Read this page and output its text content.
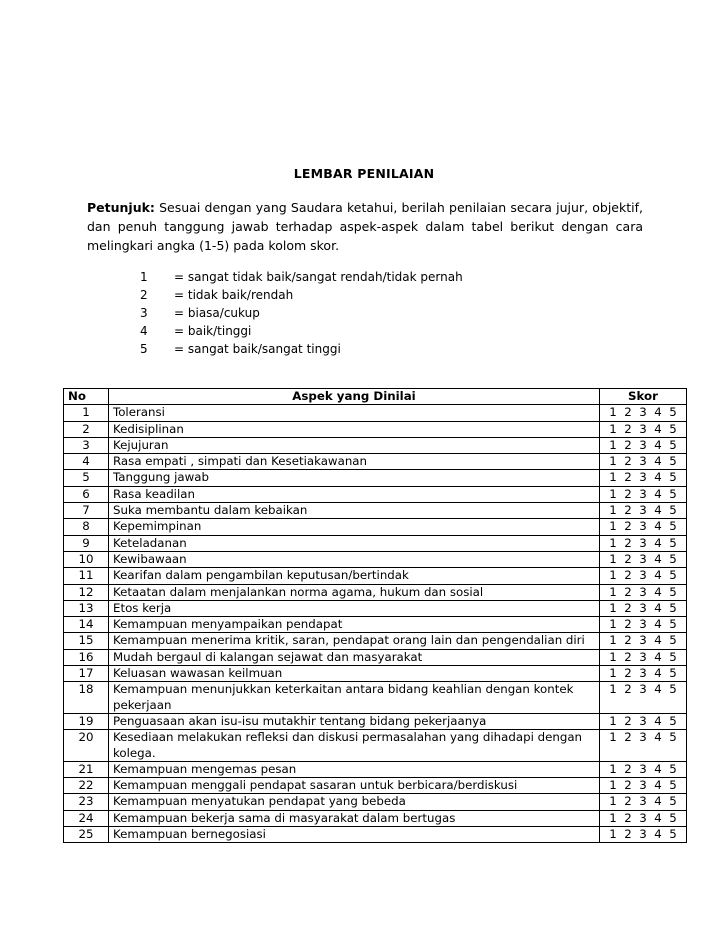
LEMBAR PENILAIAN
Petunjuk: Sesuai dengan yang Saudara ketahui, berilah penilaian secara jujur, objektif, dan penuh tanggung jawab terhadap aspek-aspek dalam tabel berikut dengan cara melingkari angka (1-5) pada kolom skor.
1 = sangat tidak baik/sangat rendah/tidak pernah
2 = tidak baik/rendah
3 = biasa/cukup
4 = baik/tinggi
5 = sangat baik/sangat tinggi
No	Aspek yang Dinilai	Skor
1	Toleransi	1 2 3 4 5
2	Kedisiplinan	1 2 3 4 5
3	Kejujuran	1 2 3 4 5
4	Rasa empati , simpati dan Kesetiakawanan	1 2 3 4 5
5	Tanggung jawab	1 2 3 4 5
6	Rasa keadilan	1 2 3 4 5
7	Suka membantu dalam kebaikan	1 2 3 4 5
8	Kepemimpinan	1 2 3 4 5
9	Keteladanan	1 2 3 4 5
10	Kewibawaan	1 2 3 4 5
11	Kearifan dalam pengambilan keputusan/bertindak	1 2 3 4 5
12	Ketaatan dalam menjalankan norma agama, hukum dan sosial	1 2 3 4 5
13	Etos kerja	1 2 3 4 5
14	Kemampuan menyampaikan pendapat	1 2 3 4 5
15	Kemampuan menerima kritik, saran, pendapat orang lain dan pengendalian diri	1 2 3 4 5
16	Mudah bergaul di kalangan sejawat dan masyarakat	1 2 3 4 5
17	Keluasan wawasan keilmuan	1 2 3 4 5
18	Kemampuan menunjukkan keterkaitan antara bidang keahlian dengan kontek pekerjaan	1 2 3 4 5
19	Penguasaan akan isu-isu mutakhir tentang bidang pekerjaanya	1 2 3 4 5
20	Kesediaan melakukan refleksi dan diskusi permasalahan yang dihadapi dengan kolega.	1 2 3 4 5
21	Kemampuan mengemas pesan	1 2 3 4 5
22	Kemampuan menggali pendapat sasaran untuk berbicara/berdiskusi	1 2 3 4 5
23	Kemampuan menyatukan pendapat yang bebeda	1 2 3 4 5
24	Kemampuan bekerja sama di masyarakat dalam bertugas	1 2 3 4 5
25	Kemampuan bernegosiasi	1 2 3 4 5
